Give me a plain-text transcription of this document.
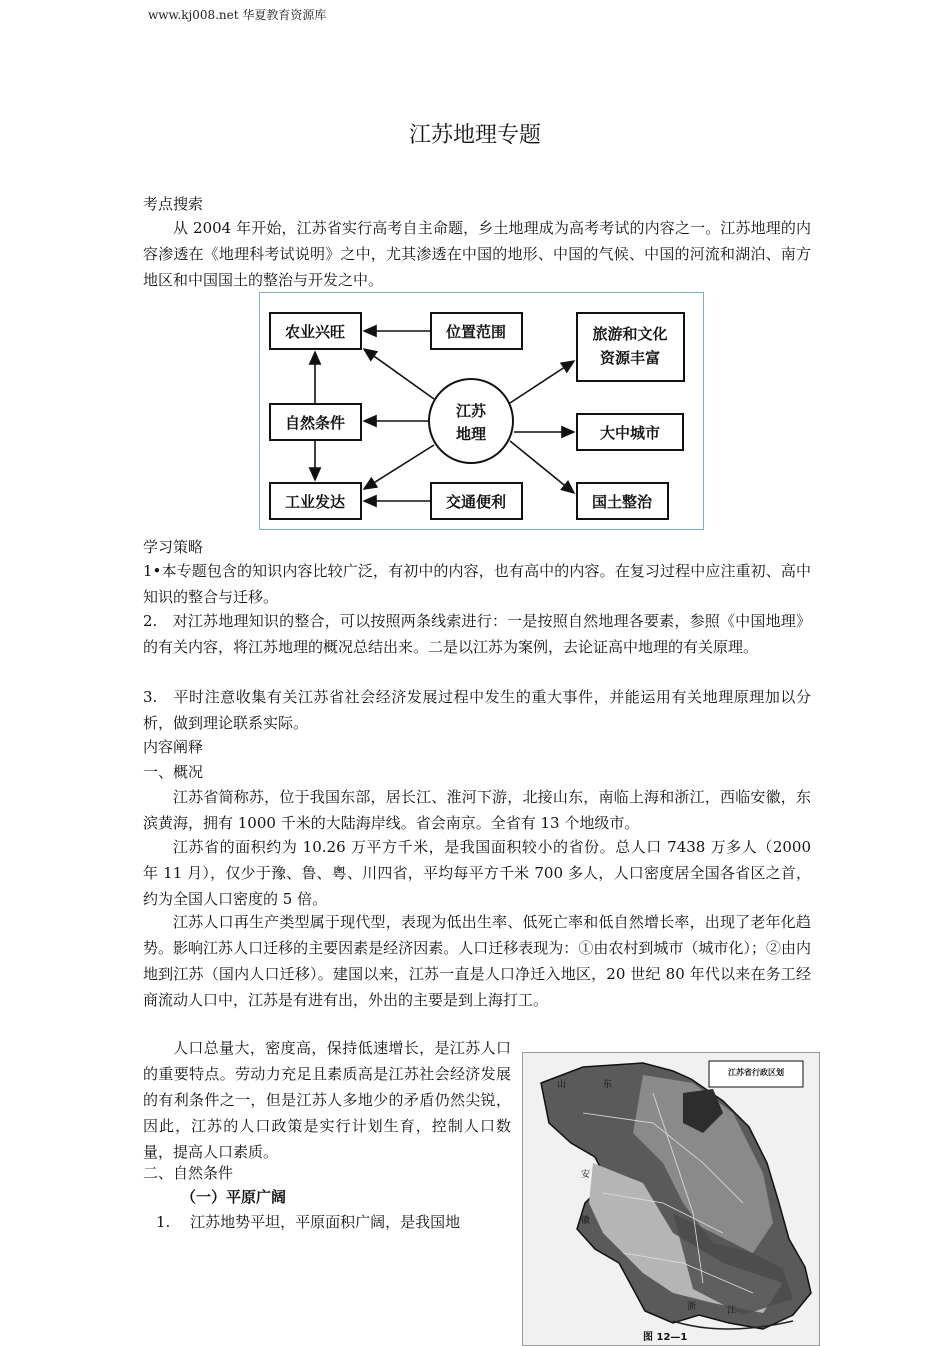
www.kj008.net 华夏教育资源库
江苏地理专题
考点搜索
从 2004 年开始，江苏省实行高考自主命题，乡土地理成为高考考试的内容之一。江苏地理的内容渗透在《地理科考试说明》之中，尤其渗透在中国的地形、中国的气候、中国的河流和湖泊、南方地区和中国国土的整治与开发之中。
农业兴旺	位置范围	旅游和文化
资源丰富
自然条件
大中城市
工业发达	交通便利	国土整治
江苏
地理
学习策略
1•本专题包含的知识内容比较广泛，有初中的内容，也有高中的内容。在复习过程中应注重初、高中知识的整合与迁移。
2.　对江苏地理知识的整合，可以按照两条线索进行：一是按照自然地理各要素，参照《中国地理》的有关内容，将江苏地理的概况总结出来。二是以江苏为案例，去论证高中地理的有关原理。
3.　平时注意收集有关江苏省社会经济发展过程中发生的重大事件，并能运用有关地理原理加以分析，做到理论联系实际。
内容阐释
一、概况
江苏省简称苏，位于我国东部，居长江、淮河下游，北接山东，南临上海和浙江，西临安徽，东滨黄海，拥有 1000 千米的大陆海岸线。省会南京。全省有 13 个地级市。
江苏省的面积约为 10.26 万平方千米，是我国面积较小的省份。总人口 7438 万多人（2000 年 11 月），仅少于豫、鲁、粤、川四省，平均每平方千米 700 多人，人口密度居全国各省区之首，约为全国人口密度的 5 倍。
江苏人口再生产类型属于现代型，表现为低出生率、低死亡率和低自然增长率，出现了老年化趋势。影响江苏人口迁移的主要因素是经济因素。人口迁移表现为：①由农村到城市（城市化）；②由内地到江苏（国内人口迁移）。建国以来，江苏一直是人口净迁入地区，20 世纪 80 年代以来在务工经商流动人口中，江苏是有进有出，外出的主要是到上海打工。
人口总量大，密度高，保持低速增长，是江苏人口的重要特点。劳动力充足且素质高是江苏社会经济发展的有利条件之一，但是江苏人多地少的矛盾仍然尖锐，因此，江苏的人口政策是实行计划生育，控制人口数量，提高人口素质。
二、自然条件
（一）平原广阔
1.　 江苏地势平坦，平原面积广阔，是我国地
江苏省行政区划
山	东
安
徽
浙	江
图 12—1
